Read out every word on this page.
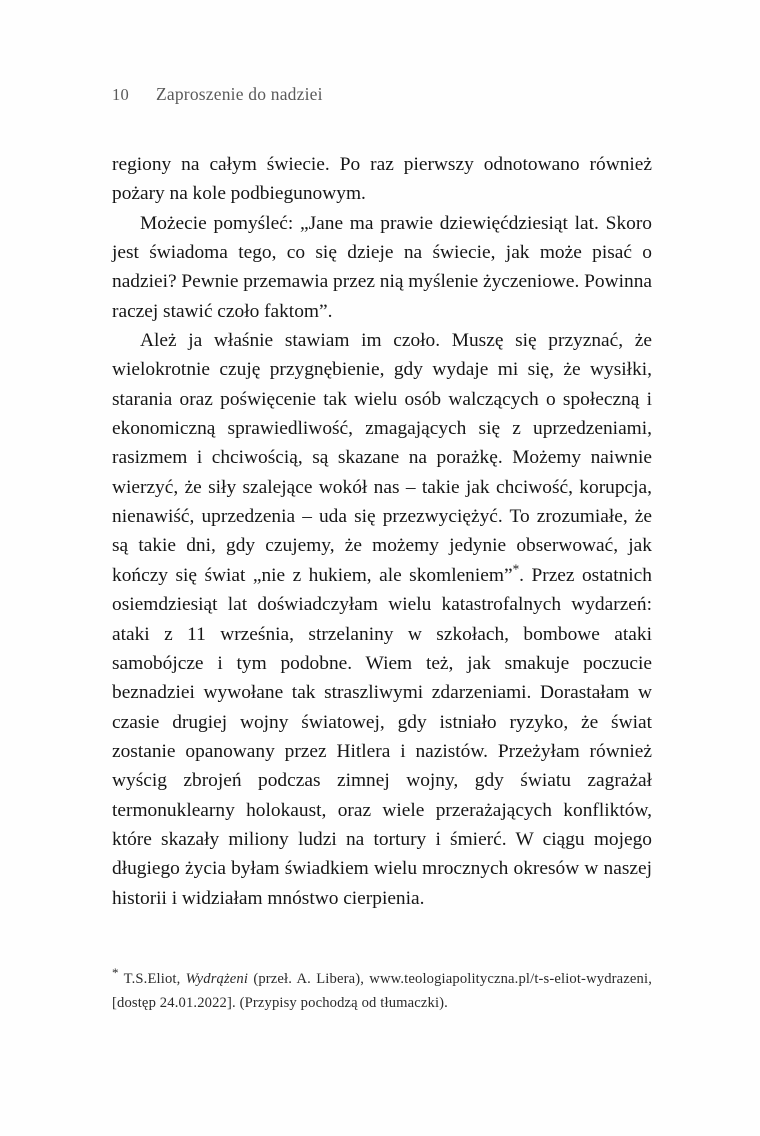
10	Zaproszenie do nadziei

regiony na całym świecie. Po raz pierwszy odnotowano również pożary na kole podbiegunowym.

Możecie pomyśleć: „Jane ma prawie dziewięćdziesiąt lat. Skoro jest świadoma tego, co się dzieje na świecie, jak może pisać o nadziei? Pewnie przemawia przez nią myślenie życzeniowe. Powinna raczej stawić czoło faktom”.

Ależ ja właśnie stawiam im czoło. Muszę się przyznać, że wielokrotnie czuję przygnębienie, gdy wydaje mi się, że wysiłki, starania oraz poświęcenie tak wielu osób walczących o społeczną i ekonomiczną sprawiedliwość, zmagających się z uprzedzeniami, rasizmem i chciwością, są skazane na porażkę. Możemy naiwnie wierzyć, że siły szalejące wokół nas – takie jak chciwość, korupcja, nienawiść, uprzedzenia – uda się przezwyciężyć. To zrozumiałe, że są takie dni, gdy czujemy, że możemy jedynie obserwować, jak kończy się świat „nie z hukiem, ale skomleniem”*. Przez ostatnich osiemdziesiąt lat doświadczyłam wielu katastrofalnych wydarzeń: ataki z 11 września, strzelaniny w szkołach, bombowe ataki samobójcze i tym podobne. Wiem też, jak smakuje poczucie beznadziei wywołane tak straszliwymi zdarzeniami. Dorastałam w czasie drugiej wojny światowej, gdy istniało ryzyko, że świat zostanie opanowany przez Hitlera i nazistów. Przeżyłam również wyścig zbrojeń podczas zimnej wojny, gdy światu zagrażał termonuklearny holokaust, oraz wiele przerażających konfliktów, które skazały miliony ludzi na tortury i śmierć. W ciągu mojego długiego życia byłam świadkiem wielu mrocznych okresów w naszej historii i widziałam mnóstwo cierpienia.

* T.S.Eliot, Wydrążeni (przeł. A. Libera), www.teologiapolityczna.pl/t-s-eliot-wydrazeni, [dostęp 24.01.2022]. (Przypisy pochodzą od tłumaczki).
